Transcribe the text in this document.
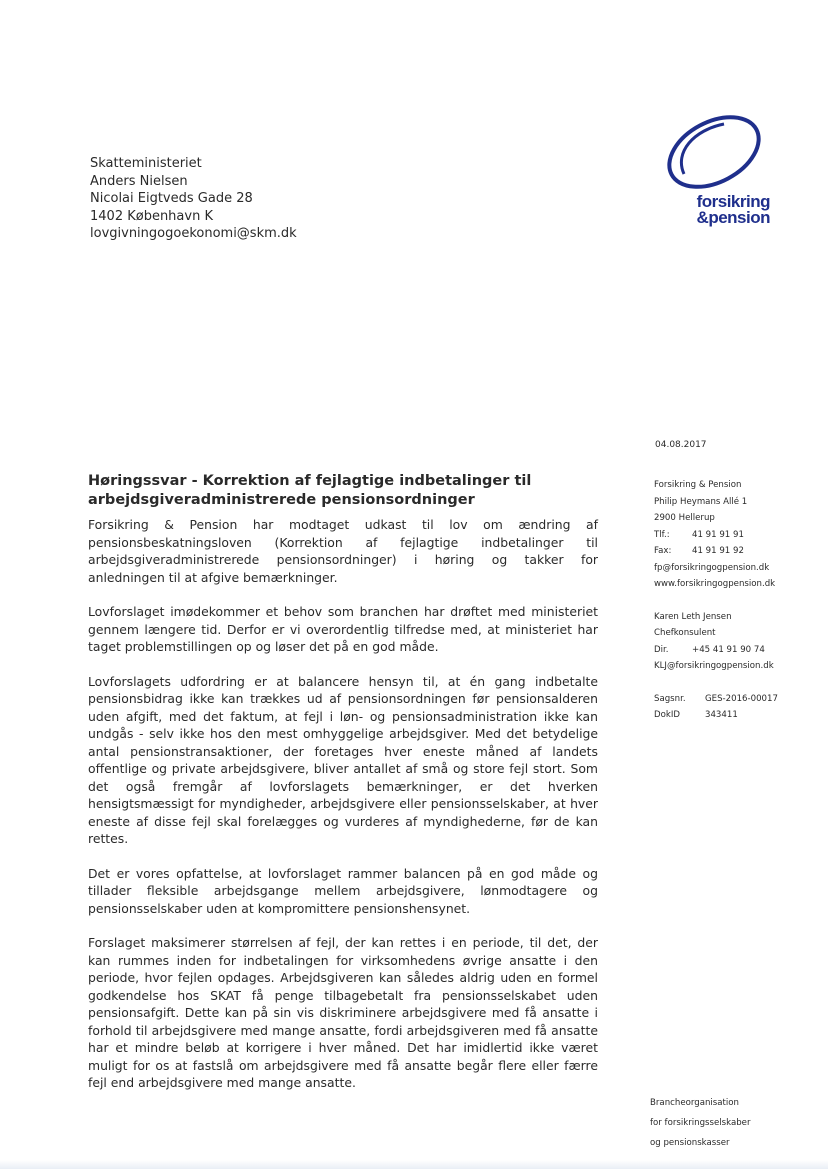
Skatteministeriet
Anders Nielsen
Nicolai Eigtveds Gade 28
1402 København K
lovgivningogoekonomi@skm.dk
forsikring
&pension
04.08.2017
Forsikring & Pension
Philip Heymans Allé 1
2900 Hellerup
Tlf.:	41 91 91 91
Fax:	41 91 91 92
fp@forsikringogpension.dk
www.forsikringogpension.dk
Karen Leth Jensen
Chefkonsulent
Dir.	+45 41 91 90 74
KLJ@forsikringogpension.dk
Sagsnr.	GES-2016-00017
DokID	343411
Høringssvar - Korrektion af fejlagtige indbetalinger til arbejdsgiveradministrerede pensionsordninger

Forsikring & Pension har modtaget udkast til lov om ændring af pensionsbeskatningsloven (Korrektion af fejlagtige indbetalinger til arbejdsgiveradministrerede pensionsordninger) i høring og takker for anledningen til at afgive bemærkninger.

Lovforslaget imødekommer et behov som branchen har drøftet med ministeriet gennem længere tid. Derfor er vi overordentlig tilfredse med, at ministeriet har taget problemstillingen op og løser det på en god måde.

Lovforslagets udfordring er at balancere hensyn til, at én gang indbetalte pensionsbidrag ikke kan trækkes ud af pensionsordningen før pensionsalderen uden afgift, med det faktum, at fejl i løn- og pensionsadministration ikke kan undgås - selv ikke hos den mest omhyggelige arbejdsgiver. Med det betydelige antal pensionstransaktioner, der foretages hver eneste måned af landets offentlige og private arbejdsgivere, bliver antallet af små og store fejl stort. Som det også fremgår af lovforslagets bemærkninger, er det hverken hensigtsmæssigt for myndigheder, arbejdsgivere eller pensionsselskaber, at hver eneste af disse fejl skal forelægges og vurderes af myndighederne, før de kan rettes.

Det er vores opfattelse, at lovforslaget rammer balancen på en god måde og tillader fleksible arbejdsgange mellem arbejdsgivere, lønmodtagere og pensionsselskaber uden at kompromittere pensionshensynet.

Forslaget maksimerer størrelsen af fejl, der kan rettes i en periode, til det, der kan rummes inden for indbetalingen for virksomhedens øvrige ansatte i den periode, hvor fejlen opdages. Arbejdsgiveren kan således aldrig uden en formel godkendelse hos SKAT få penge tilbagebetalt fra pensionsselskabet uden pensionsafgift. Dette kan på sin vis diskriminere arbejdsgivere med få ansatte i forhold til arbejdsgivere med mange ansatte, fordi arbejdsgiveren med få ansatte har et mindre beløb at korrigere i hver måned. Det har imidlertid ikke været muligt for os at fastslå om arbejdsgivere med få ansatte begår flere eller færre fejl end arbejdsgivere med mange ansatte.

Brancheorganisation
for forsikringsselskaber
og pensionskasser
